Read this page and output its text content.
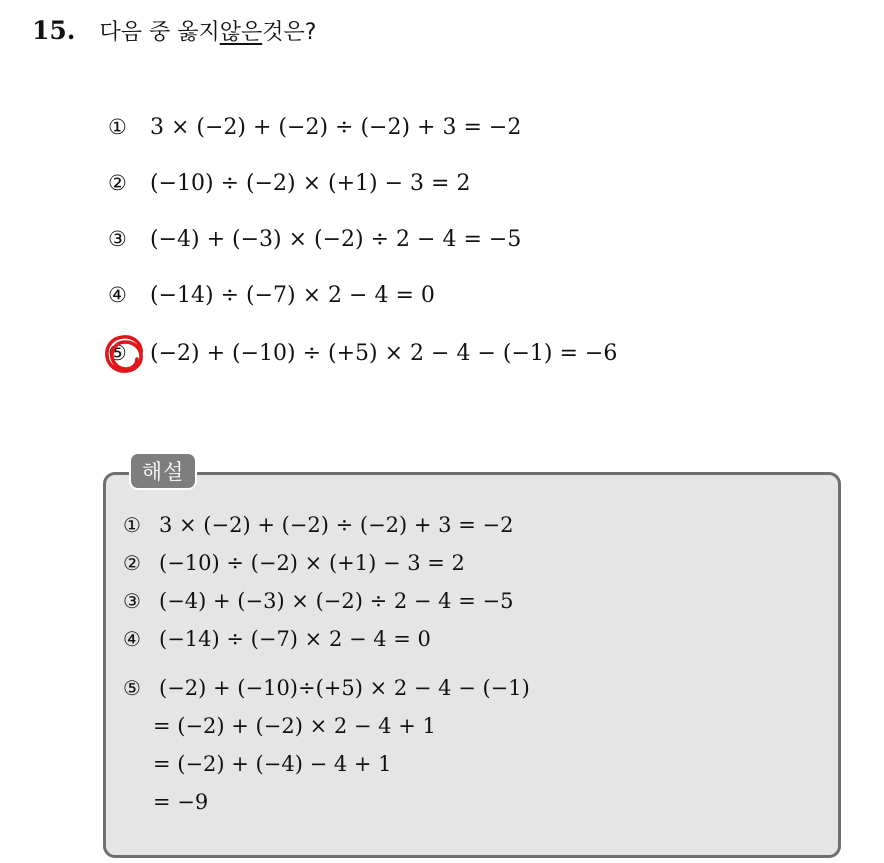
15. 다음 중 옳지 않은 것은?
①	3 × (−2) + (−2) ÷ (−2) + 3 = −2
②	(−10) ÷ (−2) × (+1) − 3 = 2
③	(−4) + (−3) × (−2) ÷ 2 − 4 = −5
④	(−14) ÷ (−7) × 2 − 4 = 0
⑤	(−2) + (−10) ÷ (+5) × 2 − 4 − (−1) = −6
해설
① 3 × (−2) + (−2) ÷ (−2) + 3 = −2
② (−10) ÷ (−2) × (+1) − 3 = 2
③ (−4) + (−3) × (−2) ÷ 2 − 4 = −5
④ (−14) ÷ (−7) × 2 − 4 = 0
⑤ (−2) + (−10)÷(+5) × 2 − 4 − (−1)
= (−2) + (−2) × 2 − 4 + 1
= (−2) + (−4) − 4 + 1
= −9
